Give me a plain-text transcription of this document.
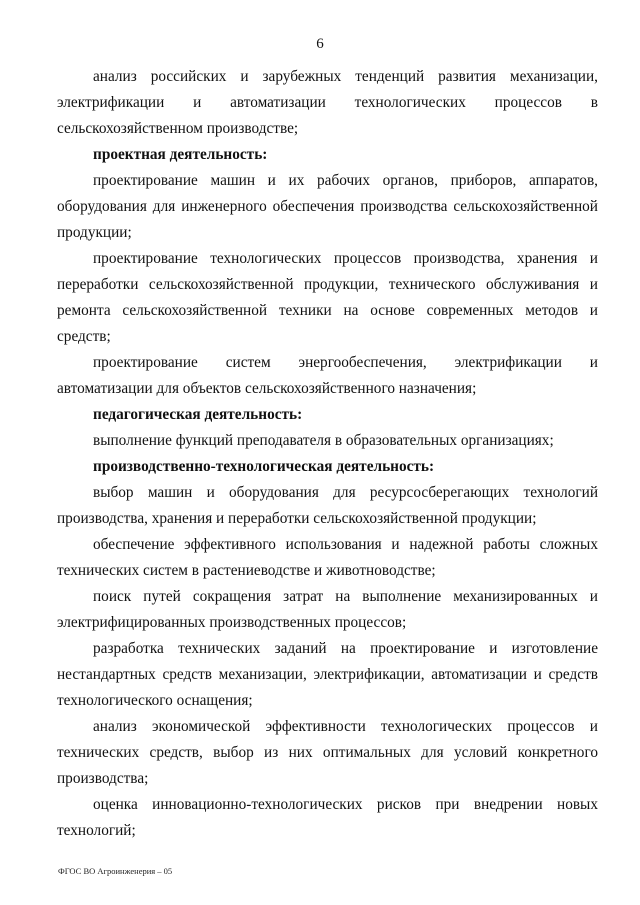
6

анализ российских и зарубежных тенденций развития механизации, электрификации и автоматизации технологических процессов в сельскохозяйственном производстве;

проектная деятельность:

проектирование машин и их рабочих органов, приборов, аппаратов, оборудования для инженерного обеспечения производства сельскохозяйственной продукции;

проектирование технологических процессов производства, хранения и переработки сельскохозяйственной продукции, технического обслуживания и ремонта сельскохозяйственной техники на основе современных методов и средств;

проектирование систем энергообеспечения, электрификации и автоматизации для объектов сельскохозяйственного назначения;

педагогическая деятельность:

выполнение функций преподавателя в образовательных организациях;

производственно-технологическая деятельность:

выбор машин и оборудования для ресурсосберегающих технологий производства, хранения и переработки сельскохозяйственной продукции;

обеспечение эффективного использования и надежной работы сложных технических систем в растениеводстве и животноводстве;

поиск путей сокращения затрат на выполнение механизированных и электрифицированных производственных процессов;

разработка технических заданий на проектирование и изготовление нестандартных средств механизации, электрификации, автоматизации и средств технологического оснащения;

анализ экономической эффективности технологических процессов и технических средств, выбор из них оптимальных для условий конкретного производства;

оценка инновационно-технологических рисков при внедрении новых технологий;

ФГОС ВО Агроинженерия – 05
